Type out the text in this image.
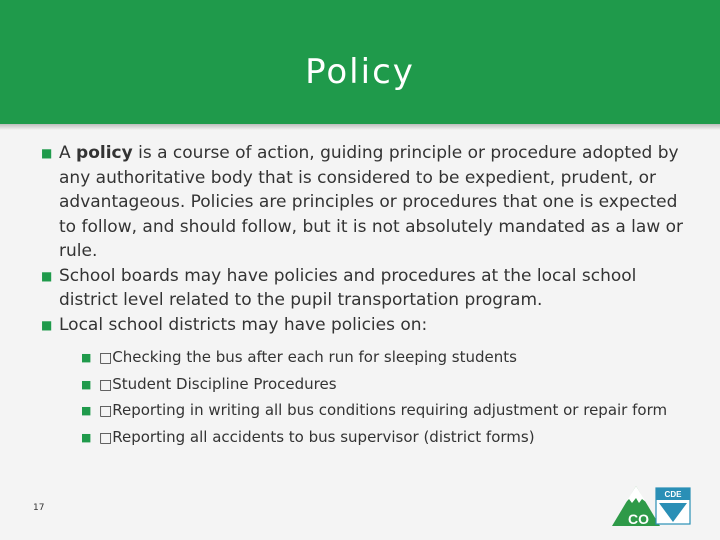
Policy

■ A policy is a course of action, guiding principle or procedure adopted by any authoritative body that is considered to be expedient, prudent, or advantageous. Policies are principles or procedures that one is expected to follow, and should follow, but it is not absolutely mandated as a law or rule.

■ School boards may have policies and procedures at the local school district level related to the pupil transportation program.

■ Local school districts may have policies on:

■ □Checking the bus after each run for sleeping students
■ □Student Discipline Procedures
■ □Reporting in writing all bus conditions requiring adjustment or repair form
■ □Reporting all accidents to bus supervisor (district forms)
17
CDE
CO
